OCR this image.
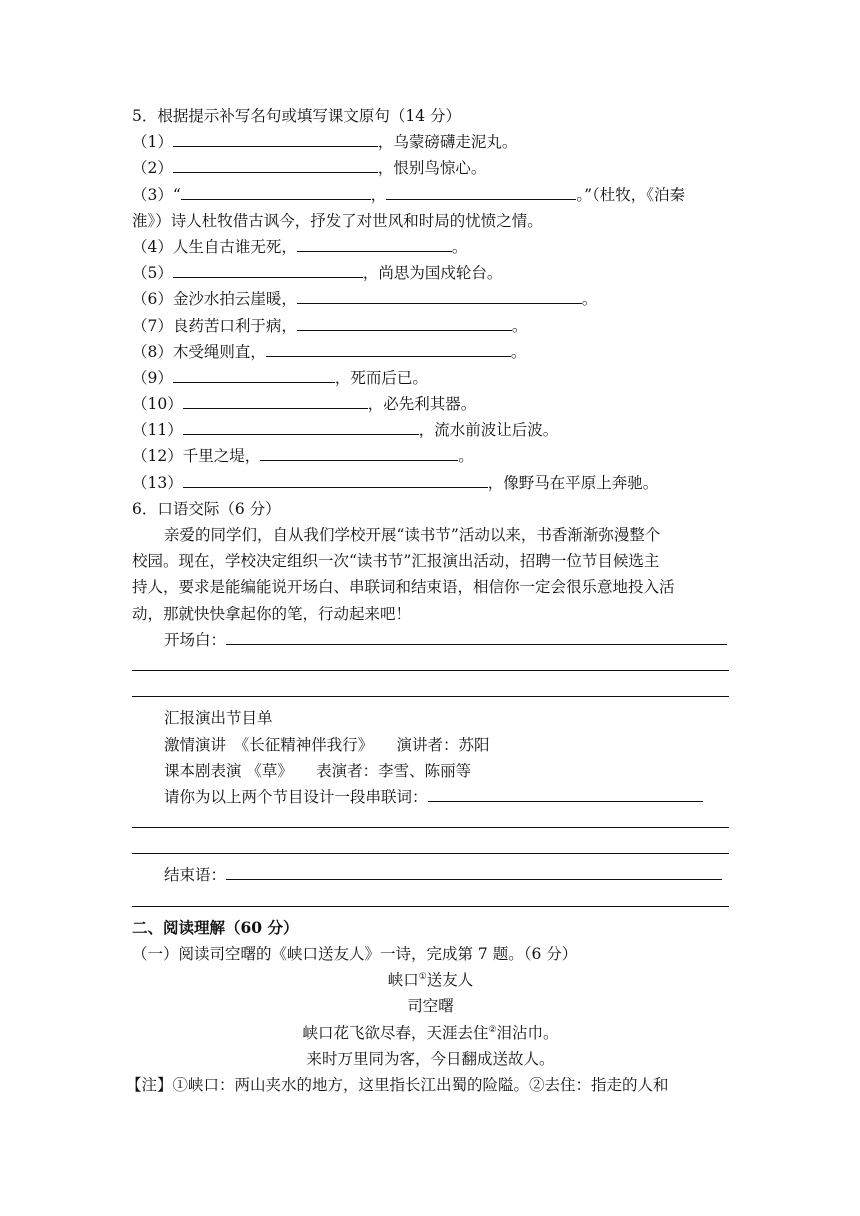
5．根据提示补写名句或填写课文原句（14 分）
（1）	，乌蒙磅礴走泥丸。
（2）	，恨别鸟惊心。
（3）“	，	。”（杜牧，《泊秦
淮》）诗人杜牧借古讽今，抒发了对世风和时局的忧愤之情。
（4）人生自古谁无死，	。
（5）	，尚思为国戍轮台。
（6）金沙水拍云崖暖，	。
（7）良药苦口利于病，	。
（8）木受绳则直，	。
（9）	，死而后已。
（10）	，必先利其器。
（11）	，流水前波让后波。
（12）千里之堤，	。
（13）	，像野马在平原上奔驰。
6．口语交际（6 分）
亲爱的同学们，自从我们学校开展“读书节”活动以来，书香渐渐弥漫整个
校园。现在，学校决定组织一次“读书节”汇报演出活动，招聘一位节目候选主
持人，要求是能编能说开场白、串联词和结束语，相信你一定会很乐意地投入活
动，那就快快拿起你的笔，行动起来吧！
开场白：
汇报演出节目单
激情演讲　《长征精神伴我行》　　演讲者：苏阳
课本剧表演 《草》　　表演者：李雪、陈丽等
请你为以上两个节目设计一段串联词：
结束语：
二、阅读理解（60 分）
（一）阅读司空曙的《峡口送友人》一诗，完成第 7 题。（6 分）
峡口①送友人
司空曙
峡口花飞欲尽春，天涯去住②泪沾巾。
来时万里同为客，今日翻成送故人。
【注】①峡口：两山夹水的地方，这里指长江出蜀的险隘。②去住：指走的人和
